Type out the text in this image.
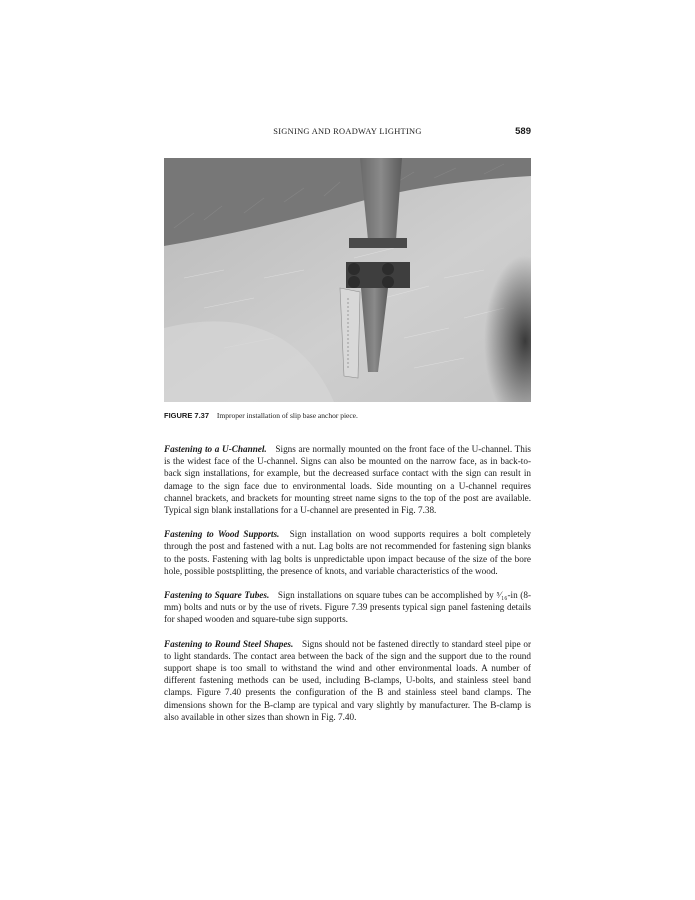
SIGNING AND ROADWAY LIGHTING	589
FIGURE 7.37 Improper installation of slip base anchor piece.

Fastening to a U-Channel. Signs are normally mounted on the front face of the U-channel. This is the widest face of the U-channel. Signs can also be mounted on the narrow face, as in back-to-back sign installations, for example, but the decreased surface contact with the sign can result in damage to the sign face due to environmental loads. Side mounting on a U-channel requires channel brackets, and brackets for mounting street name signs to the top of the post are available. Typical sign blank installations for a U-channel are presented in Fig. 7.38.

Fastening to Wood Supports. Sign installation on wood supports requires a bolt completely through the post and fastened with a nut. Lag bolts are not recommended for fastening sign blanks to the posts. Fastening with lag bolts is unpredictable upon impact because of the size of the bore hole, possible postsplitting, the presence of knots, and variable characteristics of the wood.

Fastening to Square Tubes. Sign installations on square tubes can be accomplished by ⁵⁄₁₆-in (8-mm) bolts and nuts or by the use of rivets. Figure 7.39 presents typical sign panel fastening details for shaped wooden and square-tube sign supports.

Fastening to Round Steel Shapes. Signs should not be fastened directly to standard steel pipe or to light standards. The contact area between the back of the sign and the support due to the round support shape is too small to withstand the wind and other environmental loads. A number of different fastening methods can be used, including B-clamps, U-bolts, and stainless steel band clamps. Figure 7.40 presents the configuration of the B and stainless steel band clamps. The dimensions shown for the B-clamp are typical and vary slightly by manufacturer. The B-clamp is also available in other sizes than shown in Fig. 7.40.
